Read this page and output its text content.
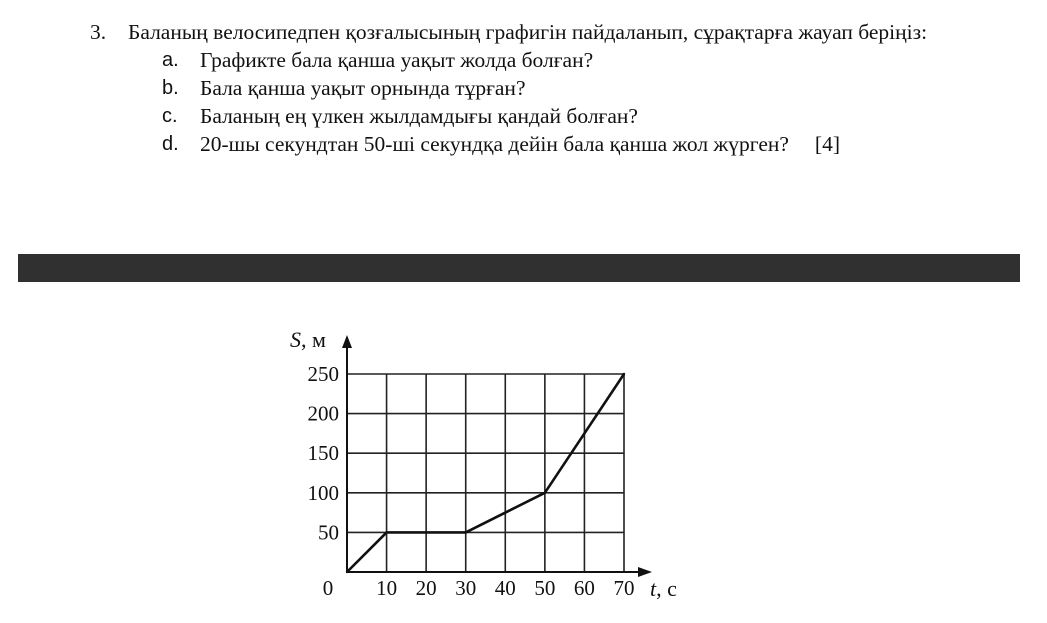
3.	Баланың велосипедпен қозғалысының графигін пайдаланып, сұрақтарға жауап беріңіз:
a. Графикте бала қанша уақыт жолда болған?
b. Бала қанша уақыт орнында тұрған?
c.	Баланың ең үлкен жылдамдығы қандай болған?
d. 20-шы секундтан 50-ші секундқа дейін бала қанша жол жүрген? [4]
10 20 30 40 50 60 70
50
100
150
200
250
0
S, м
t, с
